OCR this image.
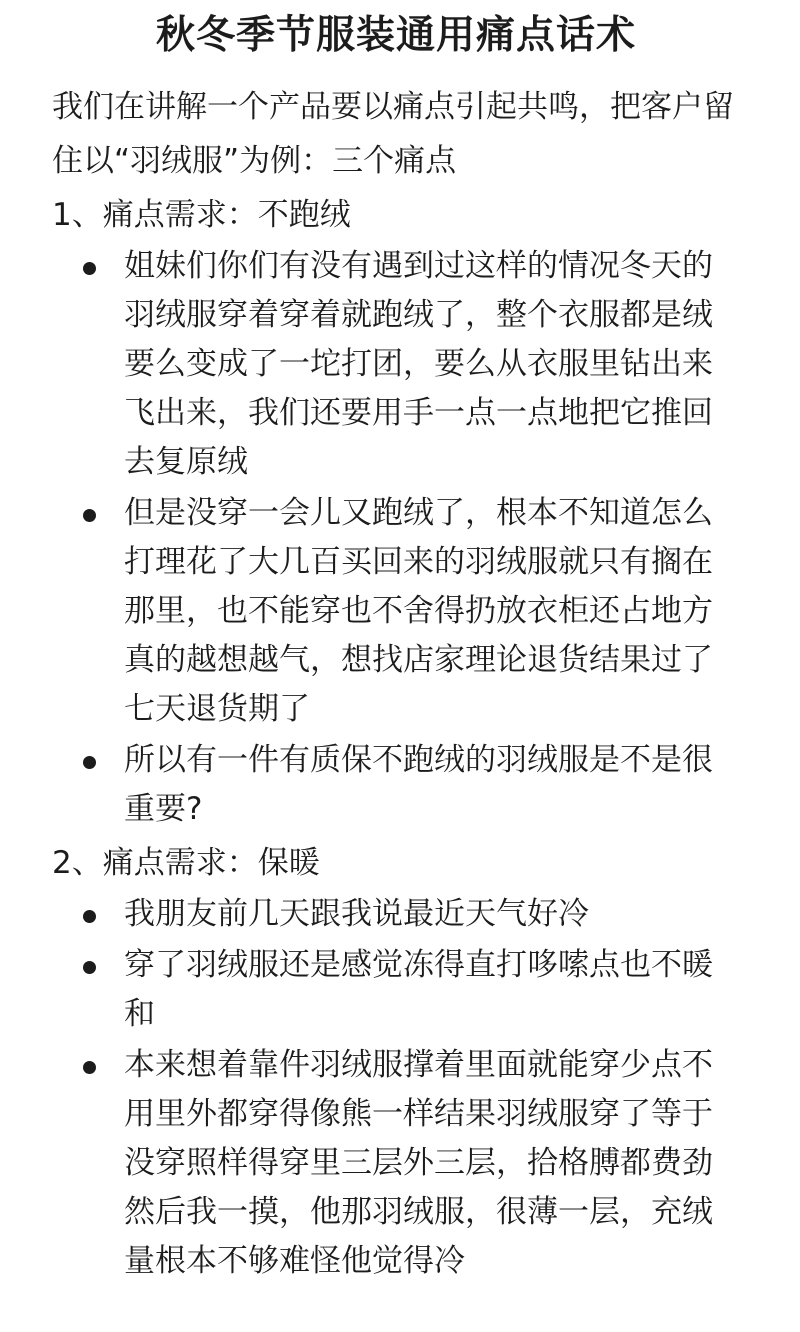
秋冬季节服装通用痛点话术

我们在讲解一个产品要以痛点引起共鸣，把客户留住以“羽绒服”为例：三个痛点

1、痛点需求：不跑绒

姐妹们你们有没有遇到过这样的情况冬天的羽绒服穿着穿着就跑绒了，整个衣服都是绒要么变成了一坨打团，要么从衣服里钻出来飞出来，我们还要用手一点一点地把它推回去复原绒
但是没穿一会儿又跑绒了，根本不知道怎么打理花了大几百买回来的羽绒服就只有搁在那里，也不能穿也不舍得扔放衣柜还占地方真的越想越气，想找店家理论退货结果过了七天退货期了
所以有一件有质保不跑绒的羽绒服是不是很重要?

2、痛点需求：保暖

我朋友前几天跟我说最近天气好冷
穿了羽绒服还是感觉冻得直打哆嗦点也不暖和
本来想着靠件羽绒服撑着里面就能穿少点不用里外都穿得像熊一样结果羽绒服穿了等于没穿照样得穿里三层外三层，拾格膊都费劲然后我一摸，他那羽绒服，很薄一层，充绒量根本不够难怪他觉得冷
